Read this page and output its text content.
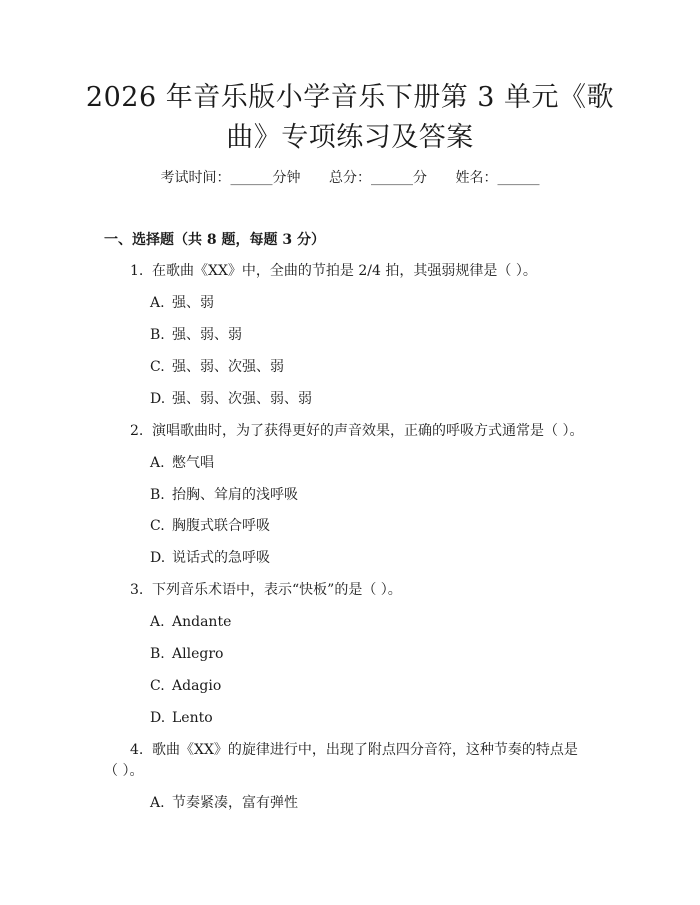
2026 年音乐版小学音乐下册第 3 单元《歌
曲》专项练习及答案
考试时间：______分钟 总分：______分 姓名：______
一、选择题（共 8 题，每题 3 分）
1. 在歌曲《XX》中，全曲的节拍是 2/4 拍，其强弱规律是（ ）。
A. 强、弱
B. 强、弱、弱
C. 强、弱、次强、弱
D. 强、弱、次强、弱、弱
2. 演唱歌曲时，为了获得更好的声音效果，正确的呼吸方式通常是（ ）。
A. 憋气唱
B. 抬胸、耸肩的浅呼吸
C. 胸腹式联合呼吸
D. 说话式的急呼吸
3. 下列音乐术语中，表示“快板”的是（ ）。
A. Andante
B. Allegro
C. Adagio
D. Lento
4. 歌曲《XX》的旋律进行中，出现了附点四分音符，这种节奏的特点是
（ ）。
A. 节奏紧凑，富有弹性
